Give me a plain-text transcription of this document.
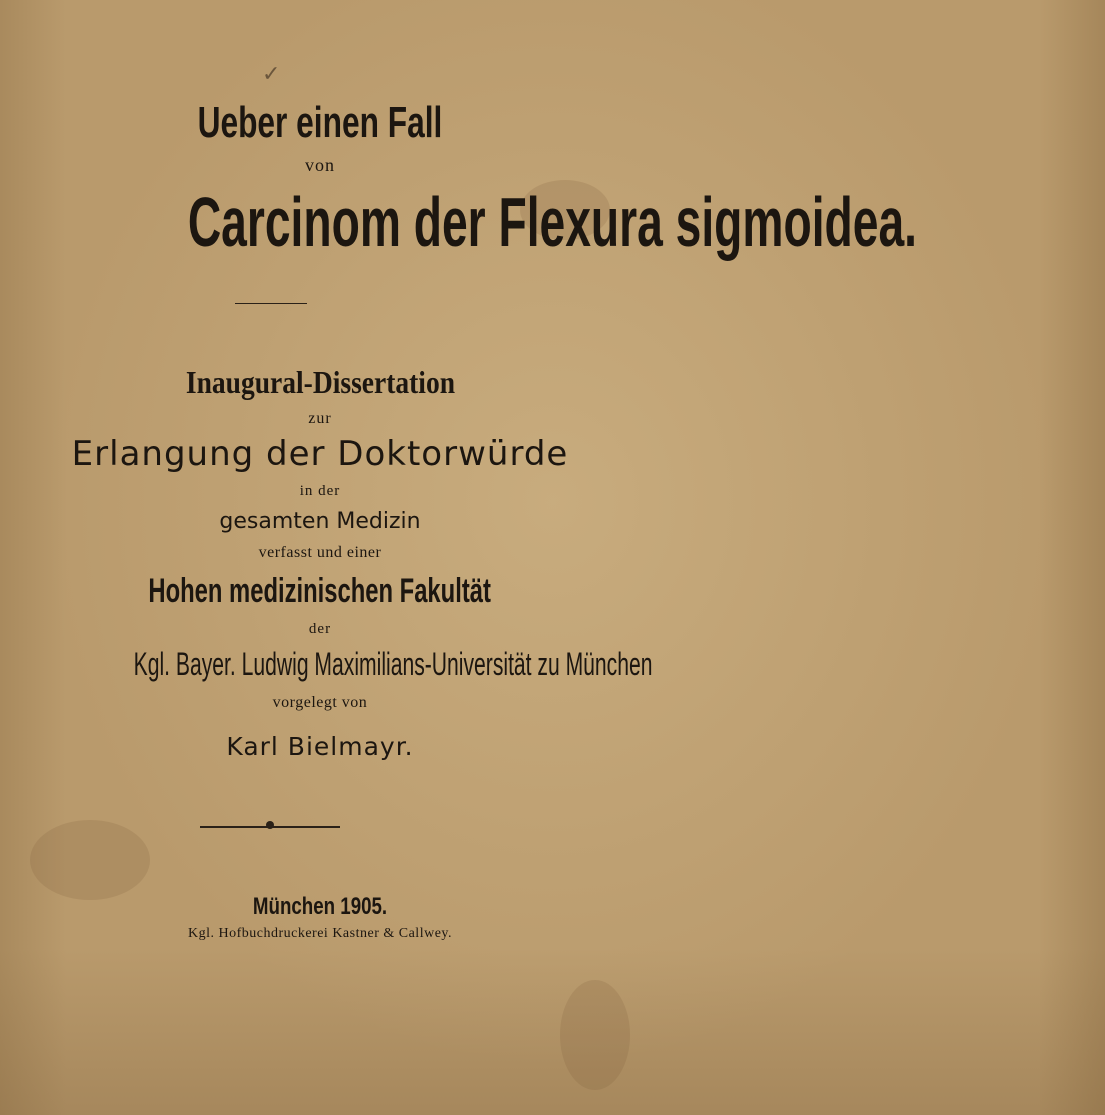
✓
Ueber einen Fall
von
Carcinom der Flexura sigmoidea.
Inaugural-Dissertation
zur
Erlangung der Doktorwürde
in der
gesamten Medizin
verfasst und einer
Hohen medizinischen Fakultät
der
Kgl. Bayer. Ludwig Maximilians-Universität zu München
vorgelegt von
Karl Bielmayr.
München 1905.
Kgl. Hofbuchdruckerei Kastner & Callwey.
